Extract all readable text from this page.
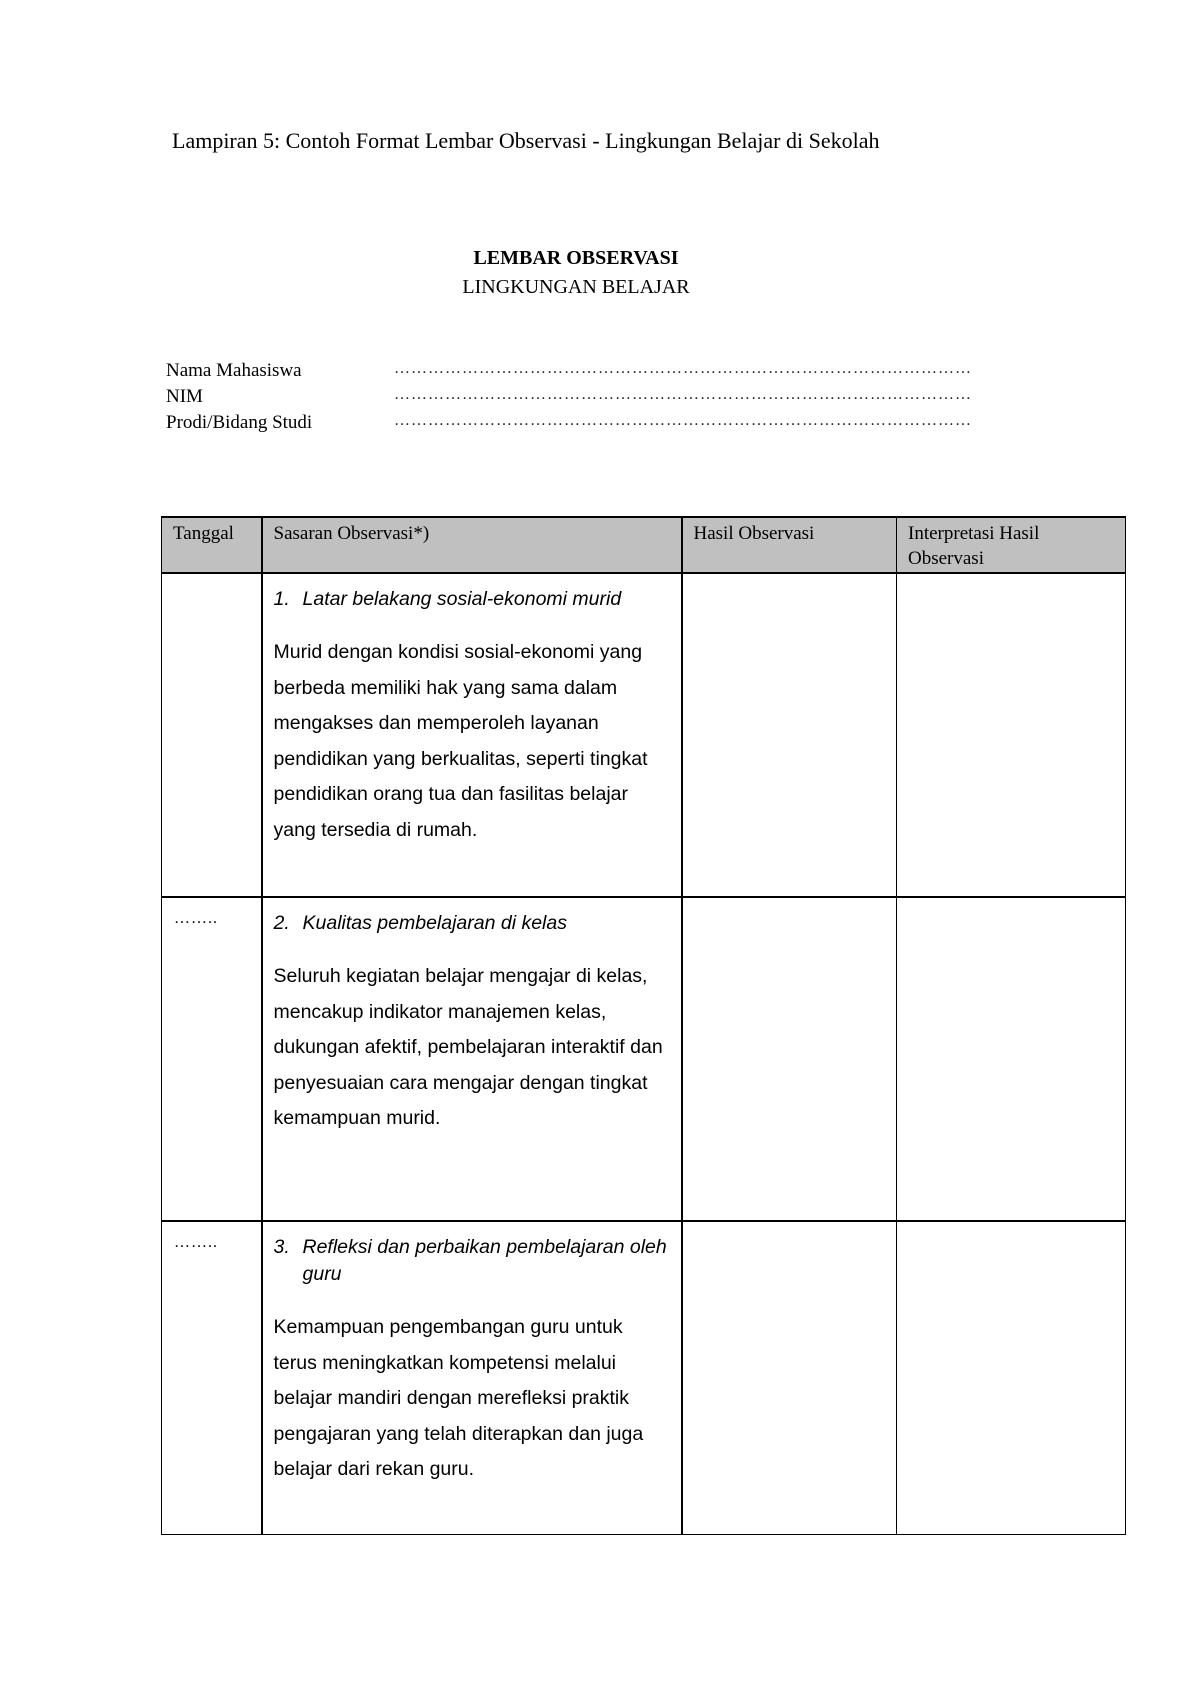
Lampiran 5: Contoh Format Lembar Observasi - Lingkungan Belajar di Sekolah
LEMBAR OBSERVASI
LINGKUNGAN BELAJAR
Nama Mahasiswa	…………………………………………………………………………………………
NIM	…………………………………………………………………………………………
Prodi/Bidang Studi	…………………………………………………………………………………………
Tanggal	Sasaran Observasi*)	Hasil Observasi	Interpretasi Hasil Observasi

	1. Latar belakang sosial-ekonomi murid
Murid dengan kondisi sosial-ekonomi yang berbeda memiliki hak yang sama dalam mengakses dan memperoleh layanan pendidikan yang berkualitas, seperti tingkat pendidikan orang tua dan fasilitas belajar yang tersedia di rumah.		

……..	2. Kualitas pembelajaran di kelas
Seluruh kegiatan belajar mengajar di kelas, mencakup indikator manajemen kelas, dukungan afektif, pembelajaran interaktif dan penyesuaian cara mengajar dengan tingkat kemampuan murid.		

……..	3. Refleksi dan perbaikan pembelajaran oleh guru
Kemampuan pengembangan guru untuk terus meningkatkan kompetensi melalui belajar mandiri dengan merefleksi praktik pengajaran yang telah diterapkan dan juga belajar dari rekan guru.		
